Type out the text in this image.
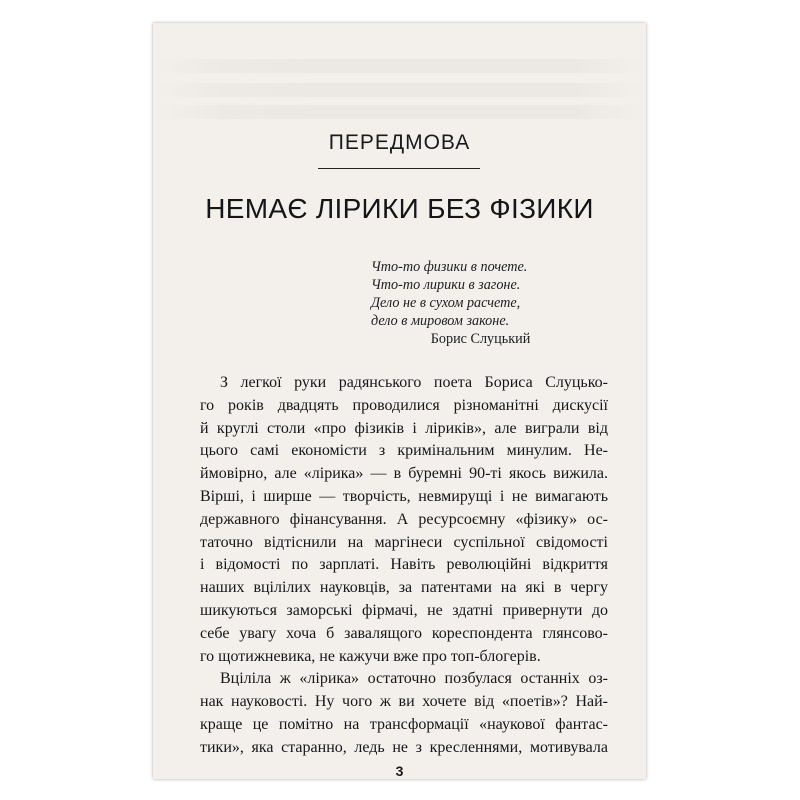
ПЕРЕДМОВА
НЕМАЄ ЛІРИКИ БЕЗ ФІЗИКИ
Что-то физики в почете.
Что-то лирики в загоне.
Дело не в сухом расчете,
дело в мировом законе.
Борис Слуцький
З легкої руки радянського поета Бориса Слуцько-
го років двадцять проводилися різноманітні дискусії
й круглі столи «про фізиків і ліриків», але виграли від
цього самі економісти з кримінальним минулим. Не-
ймовірно, але «лірика» — в буремні 90-ті якось вижила.
Вірші, і ширше — творчість, невмирущі і не вимагають
державного фінансування. А ресурсоємну «фізику» ос-
таточно відтіснили на маргінеси суспільної свідомості
і відомості по зарплаті. Навіть революційні відкриття
наших вцілілих науковців, за патентами на які в чергу
шикуються заморські фірмачі, не здатні привернути до
себе увагу хоча б завалящого кореспондента глянсово-
го щотижневика, не кажучи вже про топ-блогерів.
Вцілілa ж «лірика» остаточно позбулася останніх оз-
нак науковості. Ну чого ж ви хочете від «поетів»? Най-
краще це помітно на трансформації «наукової фантас-
тики», яка старанно, ледь не з кресленнями, мотивувала
3
